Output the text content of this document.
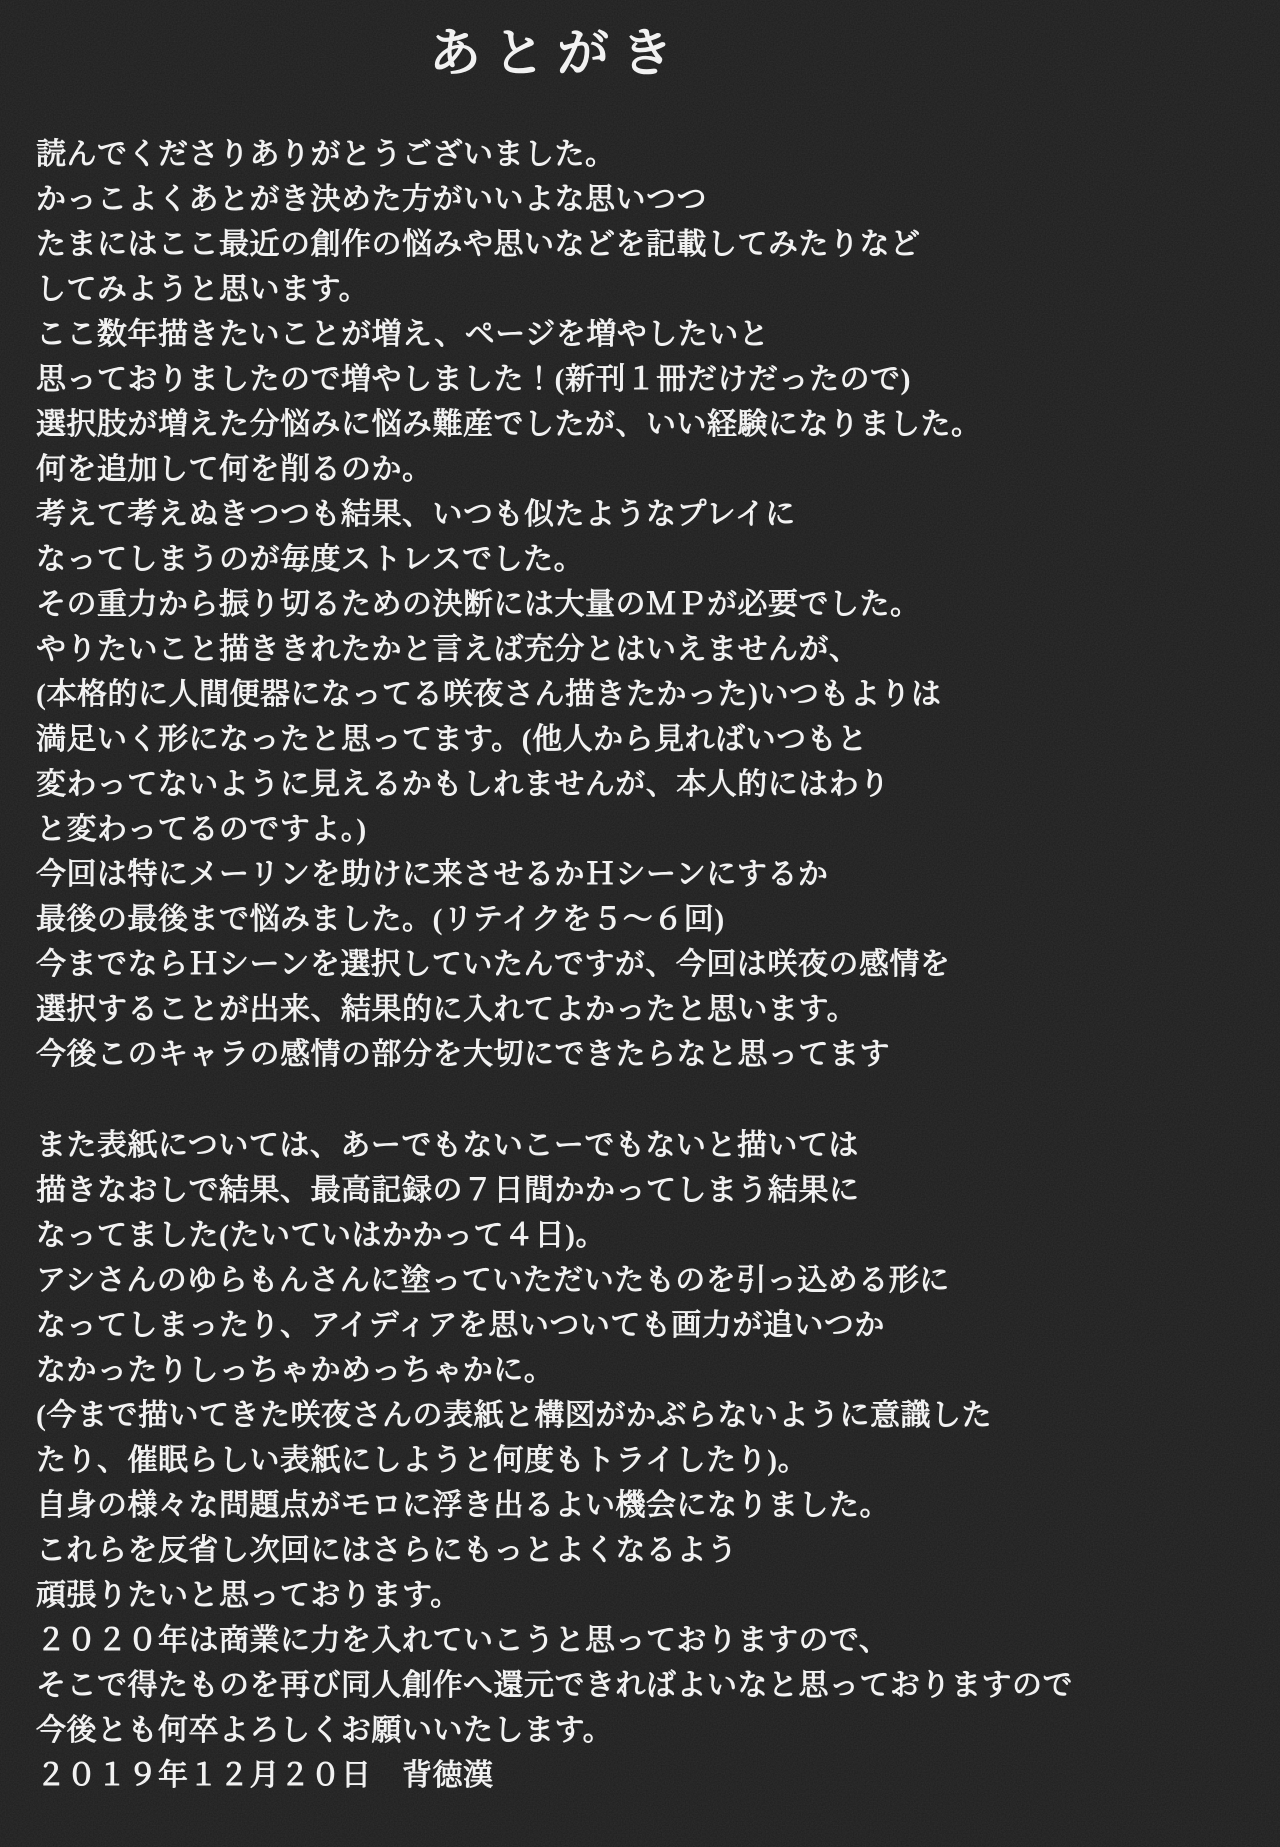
あとがき
読んでくださりありがとうございました。
かっこよくあとがき決めた方がいいよな思いつつ
たまにはここ最近の創作の悩みや思いなどを記載してみたりなど
してみようと思います。
ここ数年描きたいことが増え、ページを増やしたいと
思っておりましたので増やしました！(新刊１冊だけだったので)
選択肢が増えた分悩みに悩み難産でしたが、いい経験になりました。
何を追加して何を削るのか。
考えて考えぬきつつも結果、いつも似たようなプレイに
なってしまうのが毎度ストレスでした。
その重力から振り切るための決断には大量のＭＰが必要でした。
やりたいこと描ききれたかと言えば充分とはいえませんが、
(本格的に人間便器になってる咲夜さん描きたかった)いつもよりは
満足いく形になったと思ってます。(他人から見ればいつもと
変わってないように見えるかもしれませんが、本人的にはわり
と変わってるのですよ。)
今回は特にメーリンを助けに来させるかＨシーンにするか
最後の最後まで悩みました。(リテイクを５～６回)
今までならＨシーンを選択していたんですが、今回は咲夜の感情を
選択することが出来、結果的に入れてよかったと思います。
今後このキャラの感情の部分を大切にできたらなと思ってます
また表紙については、あーでもないこーでもないと描いては
描きなおしで結果、最高記録の７日間かかってしまう結果に
なってました(たいていはかかって４日)。
アシさんのゆらもんさんに塗っていただいたものを引っ込める形に
なってしまったり、アイディアを思いついても画力が追いつか
なかったりしっちゃかめっちゃかに。
(今まで描いてきた咲夜さんの表紙と構図がかぶらないように意識した
たり、催眠らしい表紙にしようと何度もトライしたり)。
自身の様々な問題点がモロに浮き出るよい機会になりました。
これらを反省し次回にはさらにもっとよくなるよう
頑張りたいと思っております。
２０２０年は商業に力を入れていこうと思っておりますので、
そこで得たものを再び同人創作へ還元できればよいなと思っておりますので
今後とも何卒よろしくお願いいたします。
２０１９年１２月２０日　背徳漢
